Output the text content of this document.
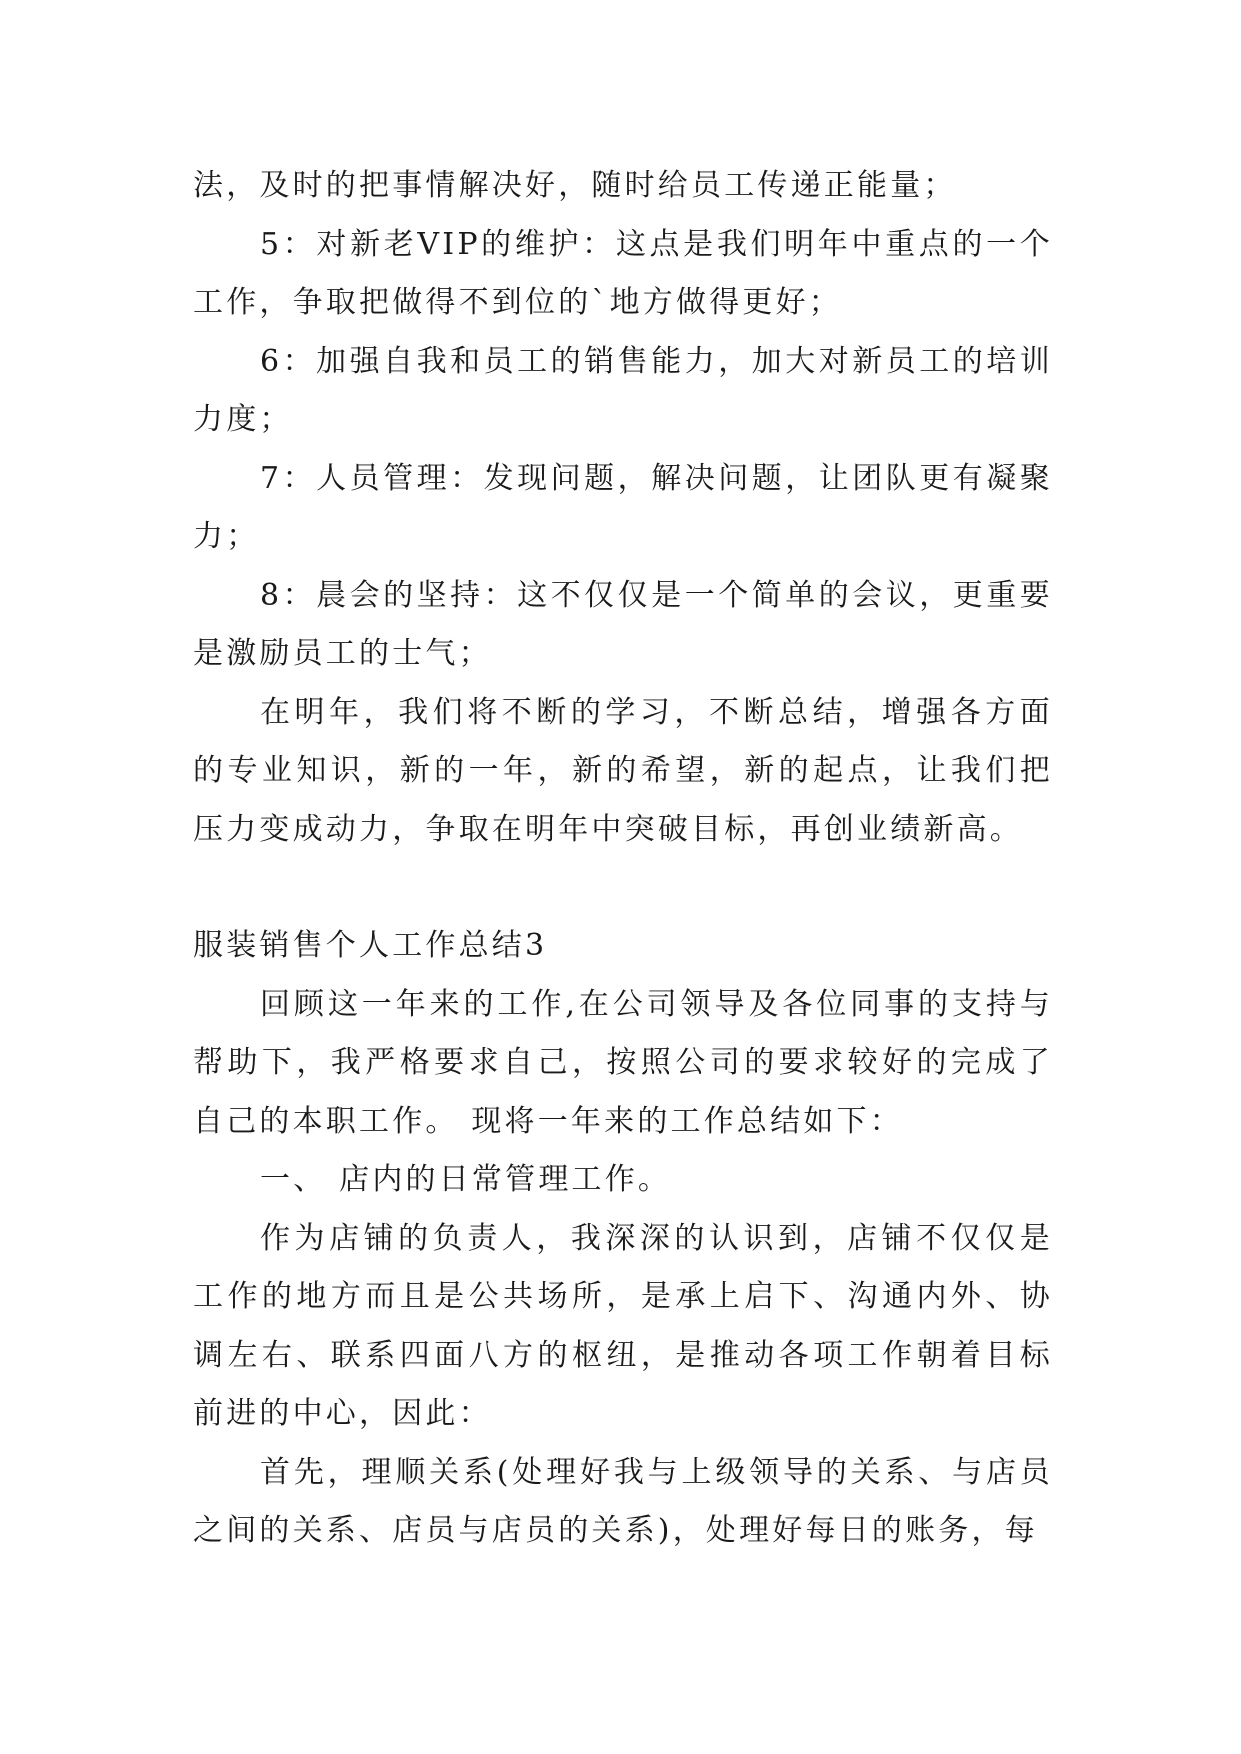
法，及时的把事情解决好，随时给员工传递正能量；

5：对新老VIP的维护：这点是我们明年中重点的一个工作，争取把做得不到位的`地方做得更好；

6：加强自我和员工的销售能力，加大对新员工的培训力度；

7：人员管理：发现问题，解决问题，让团队更有凝聚力；

8：晨会的坚持：这不仅仅是一个简单的会议，更重要是激励员工的士气；

在明年，我们将不断的学习，不断总结，增强各方面的专业知识，新的一年，新的希望，新的起点，让我们把压力变成动力，争取在明年中突破目标，再创业绩新高。

服装销售个人工作总结3

回顾这一年来的工作,在公司领导及各位同事的支持与帮助下，我严格要求自己，按照公司的要求较好的完成了自己的本职工作。 现将一年来的工作总结如下：

一、 店内的日常管理工作。

作为店铺的负责人，我深深的认识到，店铺不仅仅是工作的地方而且是公共场所，是承上启下、沟通内外、协调左右、联系四面八方的枢纽，是推动各项工作朝着目标前进的中心，因此：

首先，理顺关系(处理好我与上级领导的关系、与店员之间的关系、店员与店员的关系)，处理好每日的账务，每
